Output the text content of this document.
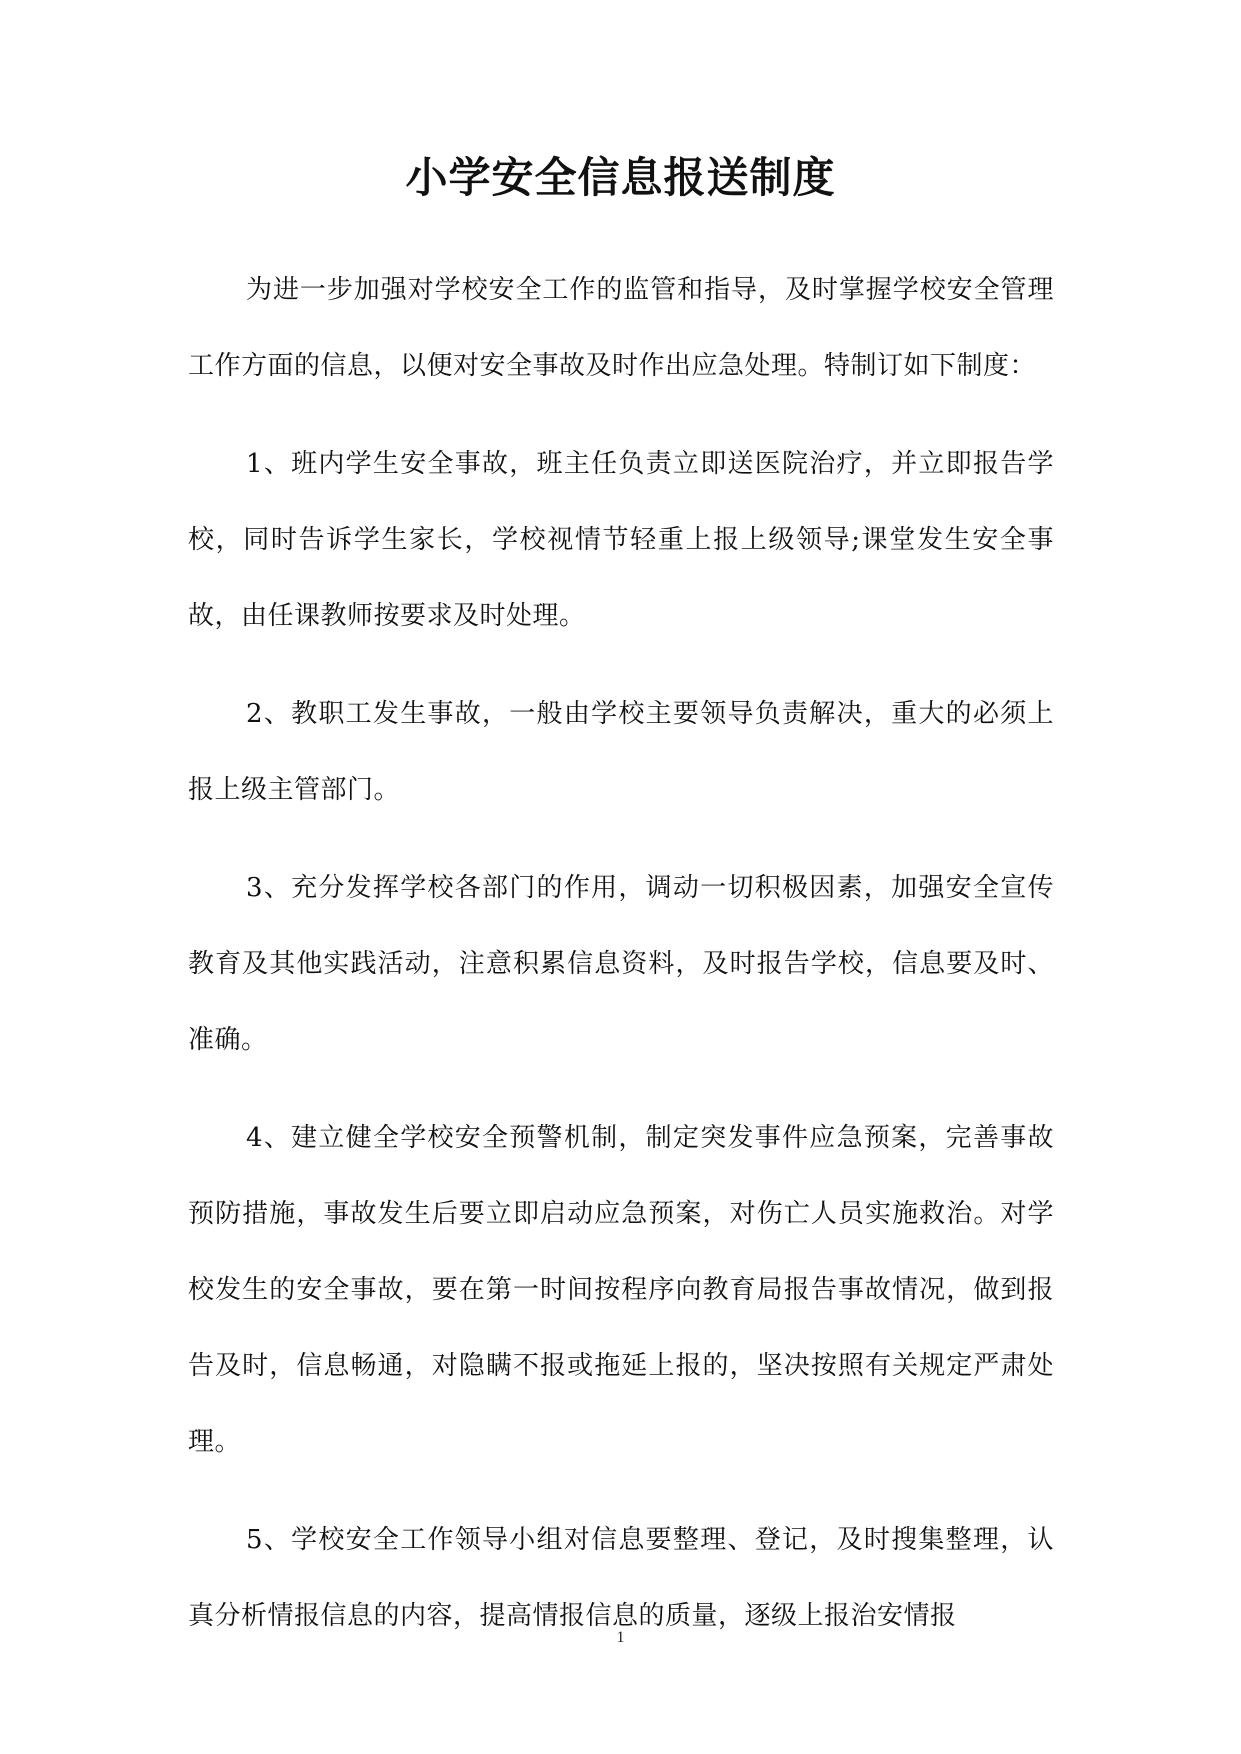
小学安全信息报送制度

为进一步加强对学校安全工作的监管和指导，及时掌握学校安全管理工作方面的信息，以便对安全事故及时作出应急处理。特制订如下制度：

1、班内学生安全事故，班主任负责立即送医院治疗，并立即报告学校，同时告诉学生家长，学校视情节轻重上报上级领导;课堂发生安全事故，由任课教师按要求及时处理。

2、教职工发生事故，一般由学校主要领导负责解决，重大的必须上报上级主管部门。

3、充分发挥学校各部门的作用，调动一切积极因素，加强安全宣传教育及其他实践活动，注意积累信息资料，及时报告学校，信息要及时、准确。

4、建立健全学校安全预警机制，制定突发事件应急预案，完善事故预防措施，事故发生后要立即启动应急预案，对伤亡人员实施救治。对学校发生的安全事故，要在第一时间按程序向教育局报告事故情况，做到报告及时，信息畅通，对隐瞒不报或拖延上报的，坚决按照有关规定严肃处理。

5、学校安全工作领导小组对信息要整理、登记，及时搜集整理，认真分析情报信息的内容，提高情报信息的质量，逐级上报治安情报

1
